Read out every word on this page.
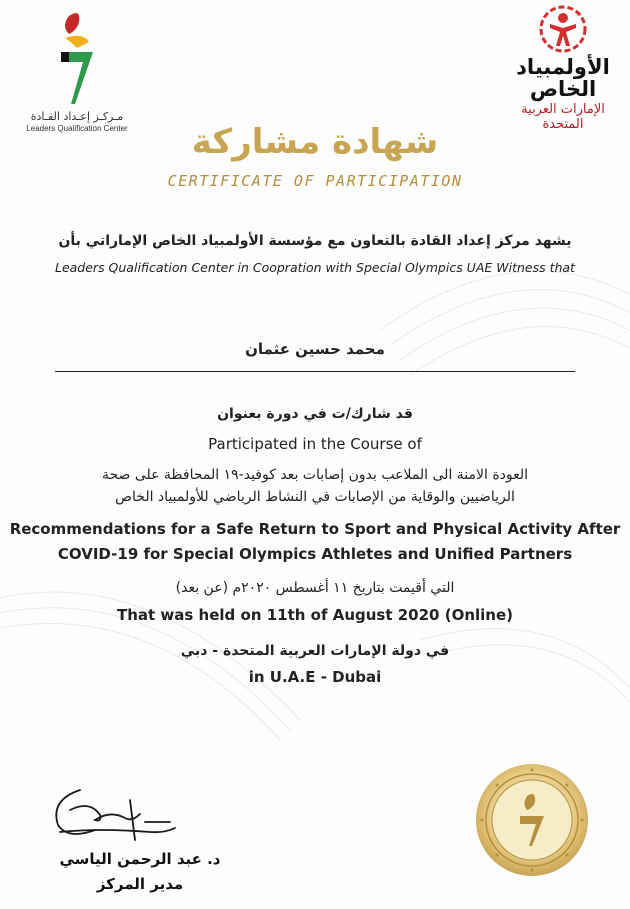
مـركـز إعـداد القـادة
Leaders Qualification Center
الأولمبياد
الخاص
الإمارات العربية
المتحدة
شهادة مشاركة
CERTIFICATE OF PARTICIPATION
يشهد مركز إعداد القادة بالتعاون مع مؤسسة الأولمبياد الخاص الإماراتي بأن
Leaders Qualification Center in Coopration with Special Olympics UAE Witness that
محمد حسين عثمان
قد شارك/ت في دورة بعنوان
Participated in the Course of
العودة الامنة الى الملاعب بدون إصابات بعد كوفيد-١٩ المحافظة على صحة
الرياضيين والوقاية من الإصابات في النشاط الرياضي للأولمبياد الخاص
Recommendations for a Safe Return to Sport and Physical Activity After
COVID-19 for Special Olympics Athletes and Unified Partners
التي أقيمت بتاريخ ١١ أغسطس ٢٠٢٠م (عن بعد)
That was held on 11th of August 2020 (Online)
في دولة الإمارات العربية المتحدة - دبي
in U.A.E - Dubai
د. عبد الرحمن الياسي
مدير المركز
